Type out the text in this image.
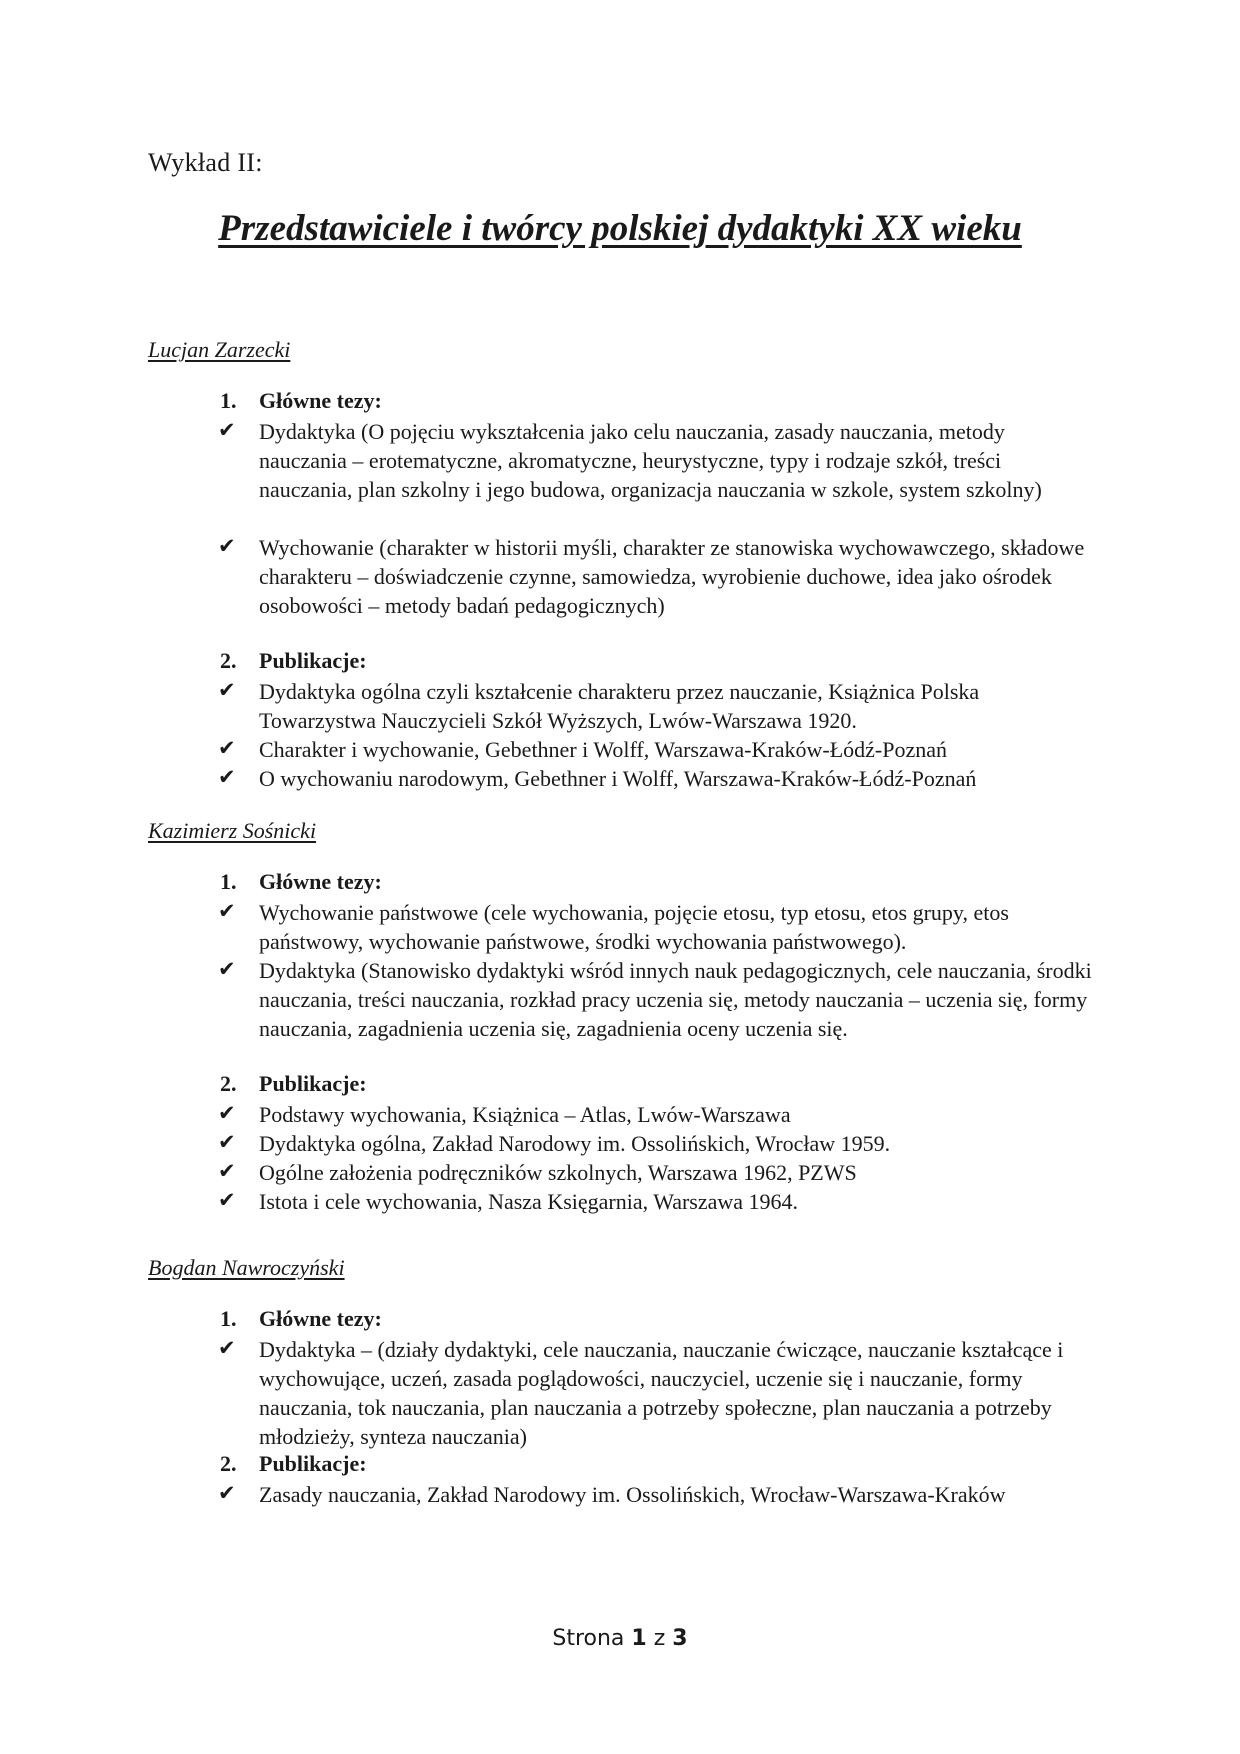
Wykład II:
Przedstawiciele i twórcy polskiej dydaktyki XX wieku
Lucjan Zarzecki
1. Główne tezy:
✔ Dydaktyka (O pojęciu wykształcenia jako celu nauczania, zasady nauczania, metody nauczania – erotematyczne, akromatyczne, heurystyczne, typy i rodzaje szkół, treści nauczania, plan szkolny i jego budowa, organizacja nauczania w szkole, system szkolny)
✔ Wychowanie (charakter w historii myśli, charakter ze stanowiska wychowawczego, składowe charakteru – doświadczenie czynne, samowiedza, wyrobienie duchowe, idea jako ośrodek osobowości – metody badań pedagogicznych)
2. Publikacje:
✔ Dydaktyka ogólna czyli kształcenie charakteru przez nauczanie, Książnica Polska Towarzystwa Nauczycieli Szkół Wyższych, Lwów-Warszawa 1920.
✔ Charakter i wychowanie, Gebethner i Wolff, Warszawa-Kraków-Łódź-Poznań
✔ O wychowaniu narodowym, Gebethner i Wolff, Warszawa-Kraków-Łódź-Poznań
Kazimierz Sośnicki
1. Główne tezy:
✔ Wychowanie państwowe (cele wychowania, pojęcie etosu, typ etosu, etos grupy, etos państwowy, wychowanie państwowe, środki wychowania państwowego).
✔ Dydaktyka (Stanowisko dydaktyki wśród innych nauk pedagogicznych, cele nauczania, środki nauczania, treści nauczania, rozkład pracy uczenia się, metody nauczania – uczenia się, formy nauczania, zagadnienia uczenia się, zagadnienia oceny uczenia się.
2. Publikacje:
✔ Podstawy wychowania, Książnica – Atlas, Lwów-Warszawa
✔ Dydaktyka ogólna, Zakład Narodowy im. Ossolińskich, Wrocław 1959.
✔ Ogólne założenia podręczników szkolnych, Warszawa 1962, PZWS
✔ Istota i cele wychowania, Nasza Księgarnia, Warszawa 1964.
Bogdan Nawroczyński
1. Główne tezy:
✔ Dydaktyka – (działy dydaktyki, cele nauczania, nauczanie ćwiczące, nauczanie kształcące i wychowujące, uczeń, zasada poglądowości, nauczyciel, uczenie się i nauczanie, formy nauczania, tok nauczania, plan nauczania a potrzeby społeczne, plan nauczania a potrzeby młodzieży, synteza nauczania)
2. Publikacje:
✔ Zasady nauczania, Zakład Narodowy im. Ossolińskich, Wrocław-Warszawa-Kraków
Strona 1 z 3
